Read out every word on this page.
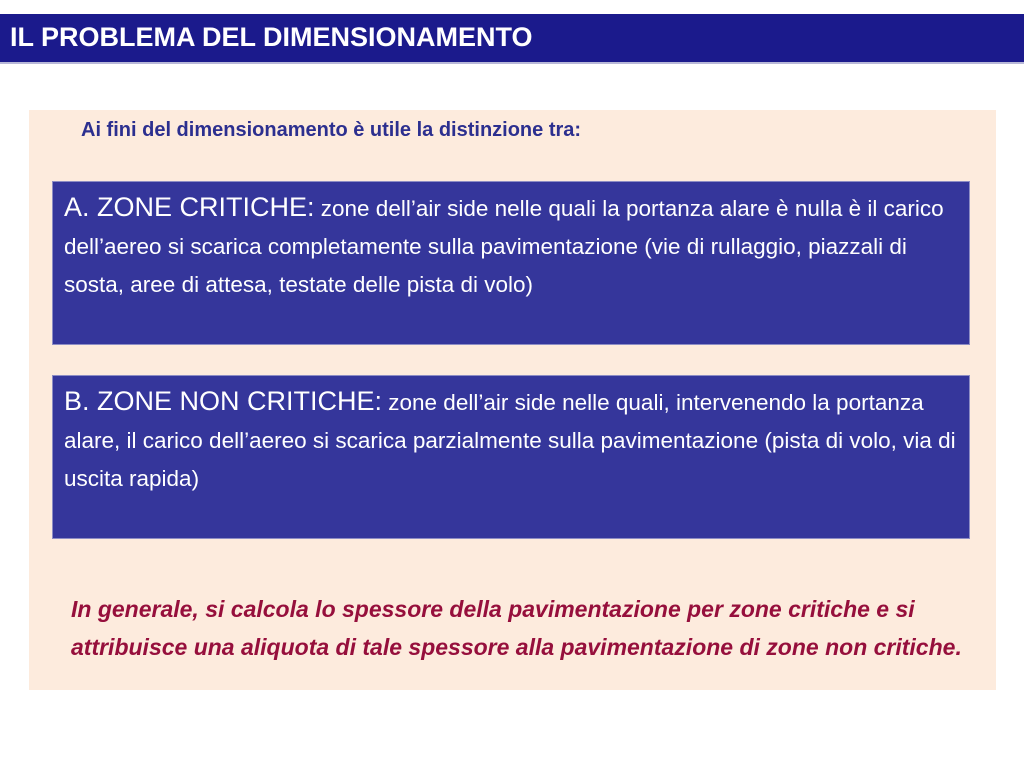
IL PROBLEMA DEL DIMENSIONAMENTO
Ai fini del dimensionamento è utile la distinzione tra:

A. ZONE CRITICHE: zone dell’air side nelle quali la portanza alare è nulla è il carico dell’aereo si scarica completamente sulla pavimentazione (vie di rullaggio, piazzali di sosta, aree di attesa, testate delle pista di volo)

B. ZONE NON CRITICHE: zone dell’air side nelle quali, intervenendo la portanza alare, il carico dell’aereo si scarica parzialmente sulla pavimentazione (pista di volo, via di uscita rapida)

In generale, si calcola lo spessore della pavimentazione per zone critiche e si attribuisce una aliquota di tale spessore alla pavimentazione di zone non critiche.
